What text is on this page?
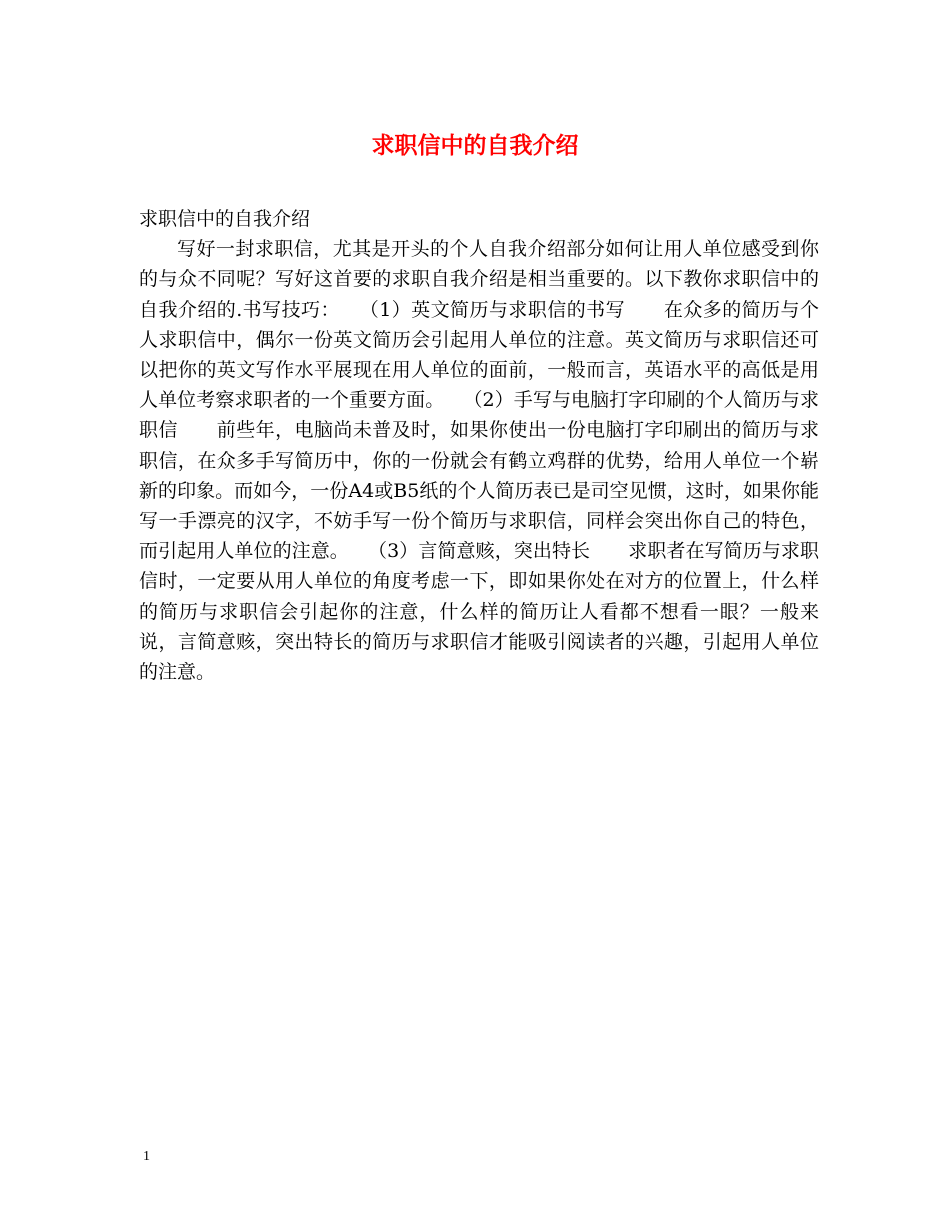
求职信中的自我介绍

求职信中的自我介绍

写好一封求职信，尤其是开头的个人自我介绍部分如何让用人单位感受到你的与众不同呢？写好这首要的求职自我介绍是相当重要的。以下教你求职信中的自我介绍的.书写技巧：　　（1）英文简历与求职信的书写　　在众多的简历与个人求职信中，偶尔一份英文简历会引起用人单位的注意。英文简历与求职信还可以把你的英文写作水平展现在用人单位的面前，一般而言，英语水平的高低是用人单位考察求职者的一个重要方面。　　（2）手写与电脑打字印刷的个人简历与求职信　　前些年，电脑尚未普及时，如果你使出一份电脑打字印刷出的简历与求职信，在众多手写简历中，你的一份就会有鹤立鸡群的优势，给用人单位一个崭新的印象。而如今，一份A4或B5纸的个人简历表已是司空见惯，这时，如果你能写一手漂亮的汉字，不妨手写一份个简历与求职信，同样会突出你自己的特色，而引起用人单位的注意。　　（3）言简意赅，突出特长　　求职者在写简历与求职信时，一定要从用人单位的角度考虑一下，即如果你处在对方的位置上，什么样的简历与求职信会引起你的注意，什么样的简历让人看都不想看一眼？一般来说，言简意赅，突出特长的简历与求职信才能吸引阅读者的兴趣，引起用人单位的注意。

1
